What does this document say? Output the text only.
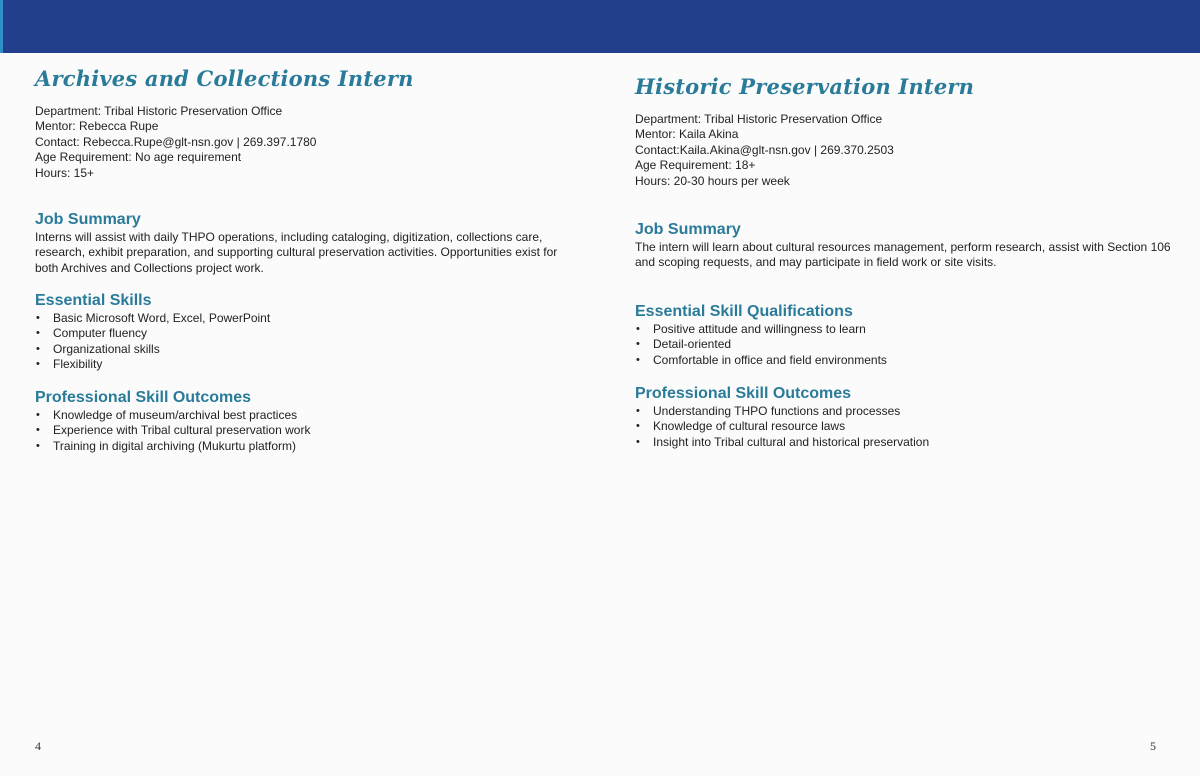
Archives and Collections Intern
Department: Tribal Historic Preservation Office
Mentor: Rebecca Rupe
Contact: Rebecca.Rupe@glt-nsn.gov | 269.397.1780
Age Requirement: No age requirement
Hours: 15+
Job Summary
Interns will assist with daily THPO operations, including cataloging, digitization, collections care, research, exhibit preparation, and supporting cultural preservation activities. Opportunities exist for both Archives and Collections project work.
Essential Skills
• Basic Microsoft Word, Excel, PowerPoint
• Computer fluency
• Organizational skills
• Flexibility
Professional Skill Outcomes
• Knowledge of museum/archival best practices
• Experience with Tribal cultural preservation work
• Training in digital archiving (Mukurtu platform)
4
Historic Preservation Intern
Department: Tribal Historic Preservation Office
Mentor: Kaila Akina
Contact:Kaila.Akina@glt-nsn.gov | 269.370.2503
Age Requirement: 18+
Hours: 20-30 hours per week
Job Summary
The intern will learn about cultural resources management, perform research, assist with Section 106 and scoping requests, and may participate in field work or site visits.
Essential Skill Qualifications
• Positive attitude and willingness to learn
• Detail-oriented
• Comfortable in office and field environments
Professional Skill Outcomes
• Understanding THPO functions and processes
• Knowledge of cultural resource laws
• Insight into Tribal cultural and historical preservation
5
